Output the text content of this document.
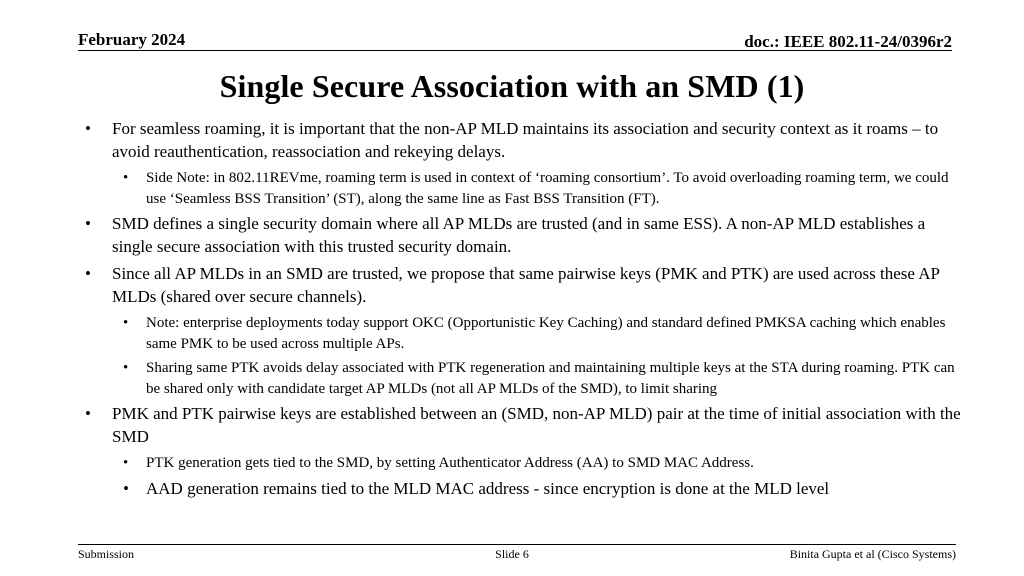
February 2024	doc.: IEEE 802.11-24/0396r2
Single Secure Association with an SMD (1)
• For seamless roaming, it is important that the non-AP MLD maintains its association and security context as it roams – to avoid reauthentication, reassociation and rekeying delays.
• Side Note: in 802.11REVme, roaming term is used in context of ‘roaming consortium’. To avoid overloading roaming term, we could use ‘Seamless BSS Transition’ (ST), along the same line as Fast BSS Transition (FT).
• SMD defines a single security domain where all AP MLDs are trusted (and in same ESS). A non-AP MLD establishes a single secure association with this trusted security domain.
• Since all AP MLDs in an SMD are trusted, we propose that same pairwise keys (PMK and PTK) are used across these AP MLDs (shared over secure channels).
• Note: enterprise deployments today support OKC (Opportunistic Key Caching) and standard defined PMKSA caching which enables same PMK to be used across multiple APs.
• Sharing same PTK avoids delay associated with PTK regeneration and maintaining multiple keys at the STA during roaming. PTK can be shared only with candidate target AP MLDs (not all AP MLDs of the SMD), to limit sharing
• PMK and PTK pairwise keys are established between an (SMD, non-AP MLD) pair at the time of initial association with the SMD
• PTK generation gets tied to the SMD, by setting Authenticator Address (AA) to SMD MAC Address.
• AAD generation remains tied to the MLD MAC address - since encryption is done at the MLD level
Submission	Slide 6	Binita Gupta et al (Cisco Systems)
